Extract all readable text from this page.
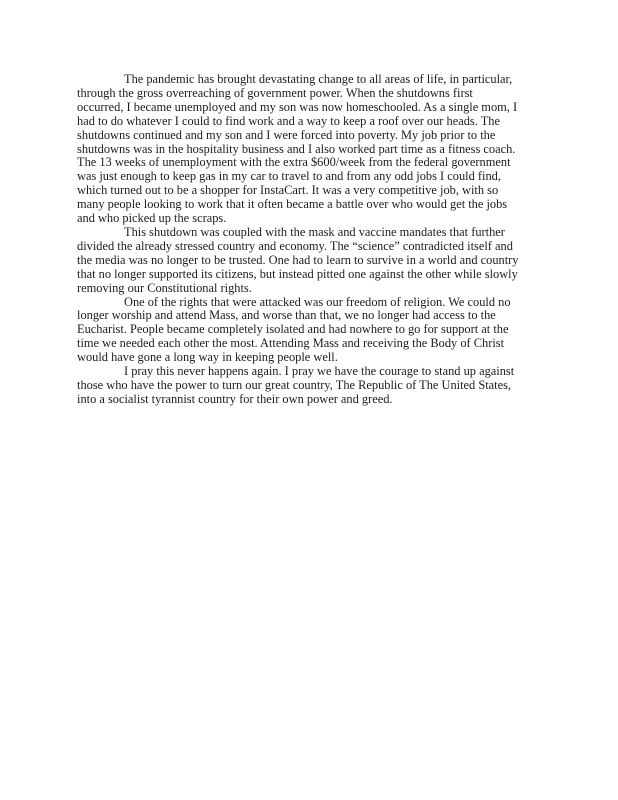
The pandemic has brought devastating change to all areas of life, in particular,
through the gross overreaching of government power. When the shutdowns first
occurred, I became unemployed and my son was now homeschooled. As a single mom, I
had to do whatever I could to find work and a way to keep a roof over our heads. The
shutdowns continued and my son and I were forced into poverty. My job prior to the
shutdowns was in the hospitality business and I also worked part time as a fitness coach.
The 13 weeks of unemployment with the extra $600/week from the federal government
was just enough to keep gas in my car to travel to and from any odd jobs I could find,
which turned out to be a shopper for InstaCart. It was a very competitive job, with so
many people looking to work that it often became a battle over who would get the jobs
and who picked up the scraps.
This shutdown was coupled with the mask and vaccine mandates that further
divided the already stressed country and economy. The “science” contradicted itself and
the media was no longer to be trusted. One had to learn to survive in a world and country
that no longer supported its citizens, but instead pitted one against the other while slowly
removing our Constitutional rights.
One of the rights that were attacked was our freedom of religion. We could no
longer worship and attend Mass, and worse than that, we no longer had access to the
Eucharist. People became completely isolated and had nowhere to go for support at the
time we needed each other the most. Attending Mass and receiving the Body of Christ
would have gone a long way in keeping people well.
I pray this never happens again. I pray we have the courage to stand up against
those who have the power to turn our great country, The Republic of The United States,
into a socialist tyrannist country for their own power and greed.
